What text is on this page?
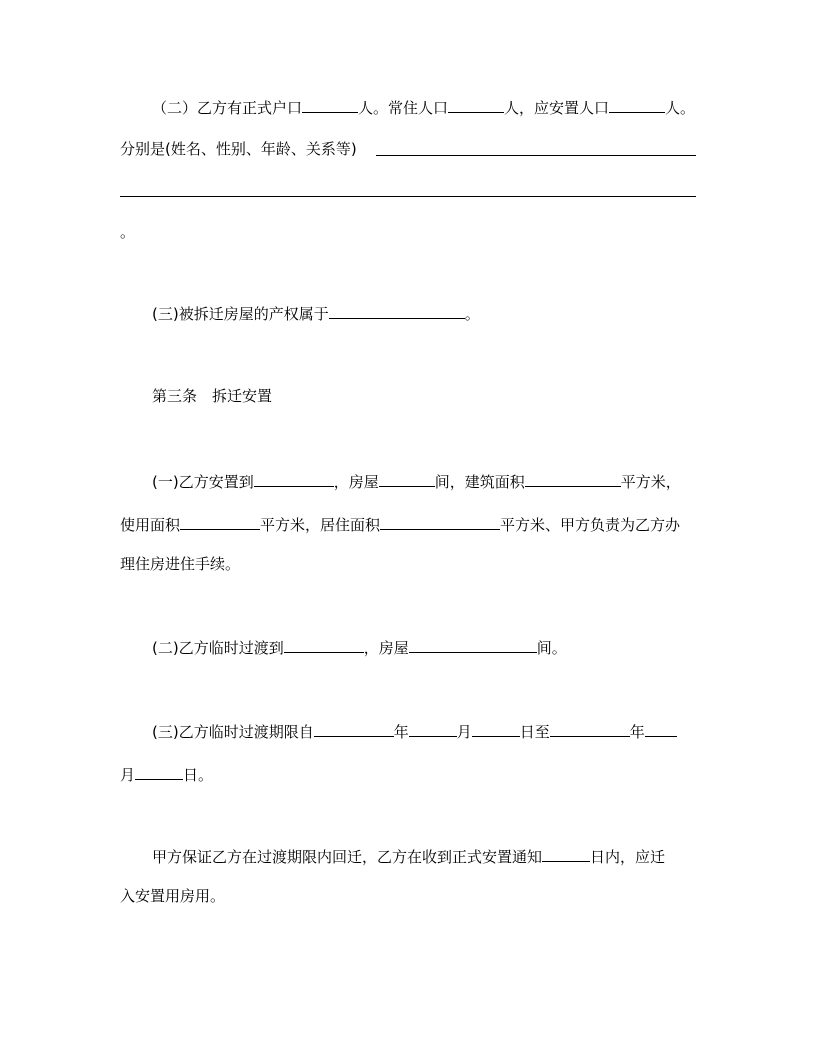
（二）乙方有正式户口	人。常住人口	人，应安置人口	人。
分别是(姓名、性别、年龄、关系等)
。
(三)被拆迁房屋的产权属于	。
第三条　拆迁安置
(一)乙方安置到	，房屋	间，建筑面积	平方米，
使用面积	平方米，居住面积	平方米、甲方负责为乙方办
理住房进住手续。
(二)乙方临时过渡到	，房屋	间。
(三)乙方临时过渡期限自	年	月	日至	年
月	日。
甲方保证乙方在过渡期限内回迁，乙方在收到正式安置通知	日内，应迁
入安置用房用。
